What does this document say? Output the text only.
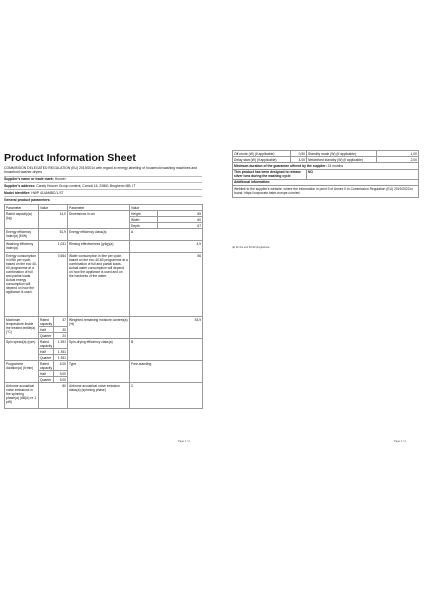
Product Information Sheet
COMMISSION DELEGATED REGULATION (EU) 2019/2014 with regard to energy labelling of household washing machines and household washer-dryers
Supplier's name or trade mark: Hoover
Supplier's address: Candy Hoover Group content, Comoli 16, 20861 Brugherio MB, IT
Model identifier: HWP 414AMBC/1-S7
General product parameters:
Parameter	Value		Parameter	Value	
Rated capacity(a) (kg)	14,0		Dimensions in cm	Height	85
				Width	60
				Depth	67
Energy efficiency index(a) (EIW)	51,9		Energy efficiency class(a)	A	
Washing efficiency index(a)	1,031		Rinsing effectiveness (g/kg)(a)	4,9	
Energy consumption in kWh per cycle, based on the eco 40-60 programme at a combination of full and partial loads. Actual energy consumption will depend on how the appliance is used.	0,564		Water consumption in litre per cycle, based on the eco 40-60 programme at a combination of full and partial loads. Actual water consumption will depend on how the appliance is used and on the hardness of the water.	56	
Maximum temperature inside the treated textile(a) (°C)	Rated capacity	37	Weighted remaining moisture content(a) (%)	53,9	
	Half	30			
	Quarter	24			
Spin speed(a) (rpm)	Rated capacity	1 351	Spin-drying efficiency class(a)	B	
	Half	1 351			
	Quarter	1 351			
Programme duration(a) (h:min)	Rated capacity	4:00	Type	Free-standing	
	Half	3:00			
	Quarter	3:00			
Airborne acoustical noise emissions in the spinning phase(a) (dB(A) re 1 pW)	80		Airborne acoustical noise emission class(a) (spinning phase)	C	
Page 1 / 2
Off-mode (W) (if applicable)	0,50	Standby mode (W) (if applicable)	1,00
Delay start (W) (if applicable)	4,00	Networked standby (W) (if applicable)	2,00
Minimum duration of the guarantee offered by the supplier: 24 months			
This product has been designed to release silver ions during the washing cycle		NO	
Additional information:			
Weblink to the supplier's website, where the information in point 9 of Annex II to Commission Regulation (EU) 2019/2023 is found: https://corporate.haier-europe.com/en/			
(a) for the eco 40-60 programme.
Page 2 / 2
